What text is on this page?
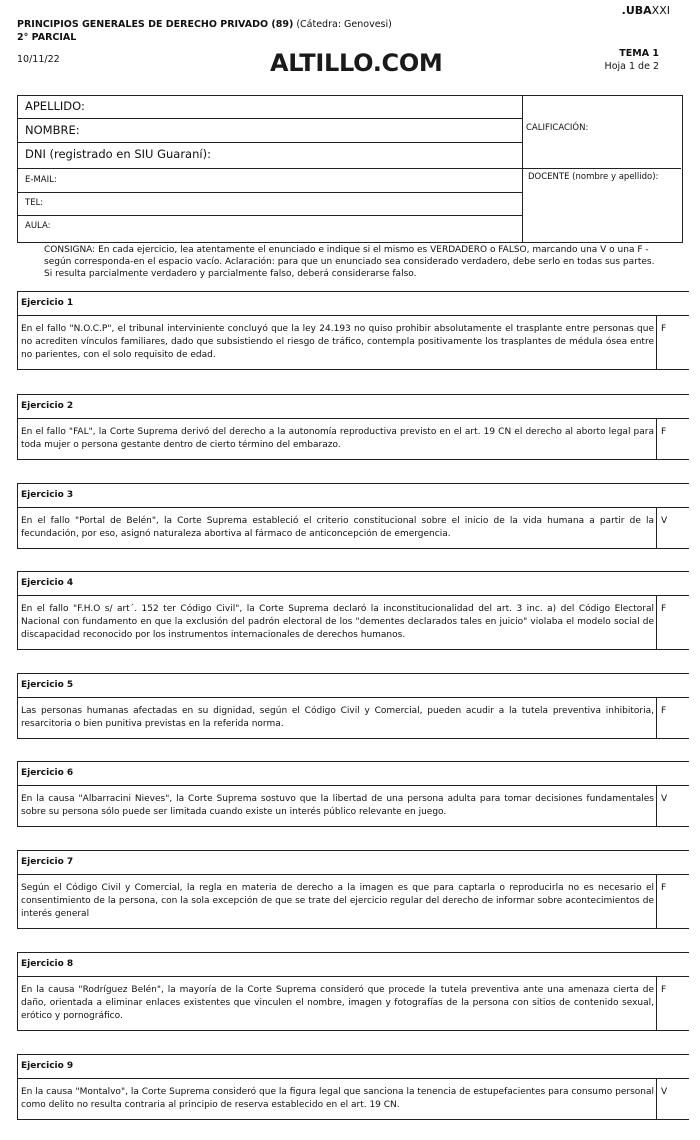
.UBAXXI
PRINCIPIOS GENERALES DE DERECHO PRIVADO (89) (Cátedra: Genovesi)
2° PARCIAL
10/11/22	ALTILLO.COM	TEMA 1
Hoja 1 de 2
APELLIDO:
NOMBRE:
DNI (registrado en SIU Guaraní):
E-MAIL:
TEL:
AULA:
CALIFICACIÓN:
DOCENTE (nombre y apellido):
CONSIGNA: En cada ejercicio, lea atentamente el enunciado e indique si el mismo es VERDADERO o FALSO, marcando una V o una F -según corresponda-en el espacio vacío. Aclaración: para que un enunciado sea considerado verdadero, debe serlo en todas sus partes. Si resulta parcialmente verdadero y parcialmente falso, deberá considerarse falso.
Ejercicio 1
En el fallo "N.O.C.P", el tribunal interviniente concluyó que la ley 24.193 no quiso prohibir absolutamente el trasplante entre personas que no acrediten vínculos familiares, dado que subsistiendo el riesgo de tráfico, contempla positivamente los trasplantes de médula ósea entre no parientes, con el solo requisito de edad.
F
Ejercicio 2
En el fallo "FAL", la Corte Suprema derivó del derecho a la autonomía reproductiva previsto en el art. 19 CN el derecho al aborto legal para toda mujer o persona gestante dentro de cierto término del embarazo.
F
Ejercicio 3
En el fallo "Portal de Belén", la Corte Suprema estableció el criterio constitucional sobre el inicio de la vida humana a partir de la fecundación, por eso, asignó naturaleza abortiva al fármaco de anticoncepción de emergencia.
V
Ejercicio 4
En el fallo "F.H.O s/ art´. 152 ter Código Civil", la Corte Suprema declaró la inconstitucionalidad del art. 3 inc. a) del Código Electoral Nacional con fundamento en que la exclusión del padrón electoral de los "dementes declarados tales en juicio" violaba el modelo social de discapacidad reconocido por los instrumentos internacionales de derechos humanos.
F
Ejercicio 5
Las personas humanas afectadas en su dignidad, según el Código Civil y Comercial, pueden acudir a la tutela preventiva inhibitoria, resarcitoria o bien punitiva previstas en la referida norma.
F
Ejercicio 6
En la causa "Albarracini Nieves", la Corte Suprema sostuvo que la libertad de una persona adulta para tomar decisiones fundamentales sobre su persona sólo puede ser limitada cuando existe un interés público relevante en juego.
V
Ejercicio 7
Según el Código Civil y Comercial, la regla en materia de derecho a la imagen es que para captarla o reproducirla no es necesario el consentimiento de la persona, con la sola excepción de que se trate del ejercicio regular del derecho de informar sobre acontecimientos de interés general
F
Ejercicio 8
En la causa "Rodríguez Belén", la mayoría de la Corte Suprema consideró que procede la tutela preventiva ante una amenaza cierta de daño, orientada a eliminar enlaces existentes que vinculen el nombre, imagen y fotografías de la persona con sitios de contenido sexual, erótico y pornográfico.
F
Ejercicio 9
En la causa "Montalvo", la Corte Suprema consideró que la figura legal que sanciona la tenencia de estupefacientes para consumo personal como delito no resulta contraria al principio de reserva establecido en el art. 19 CN.
V
